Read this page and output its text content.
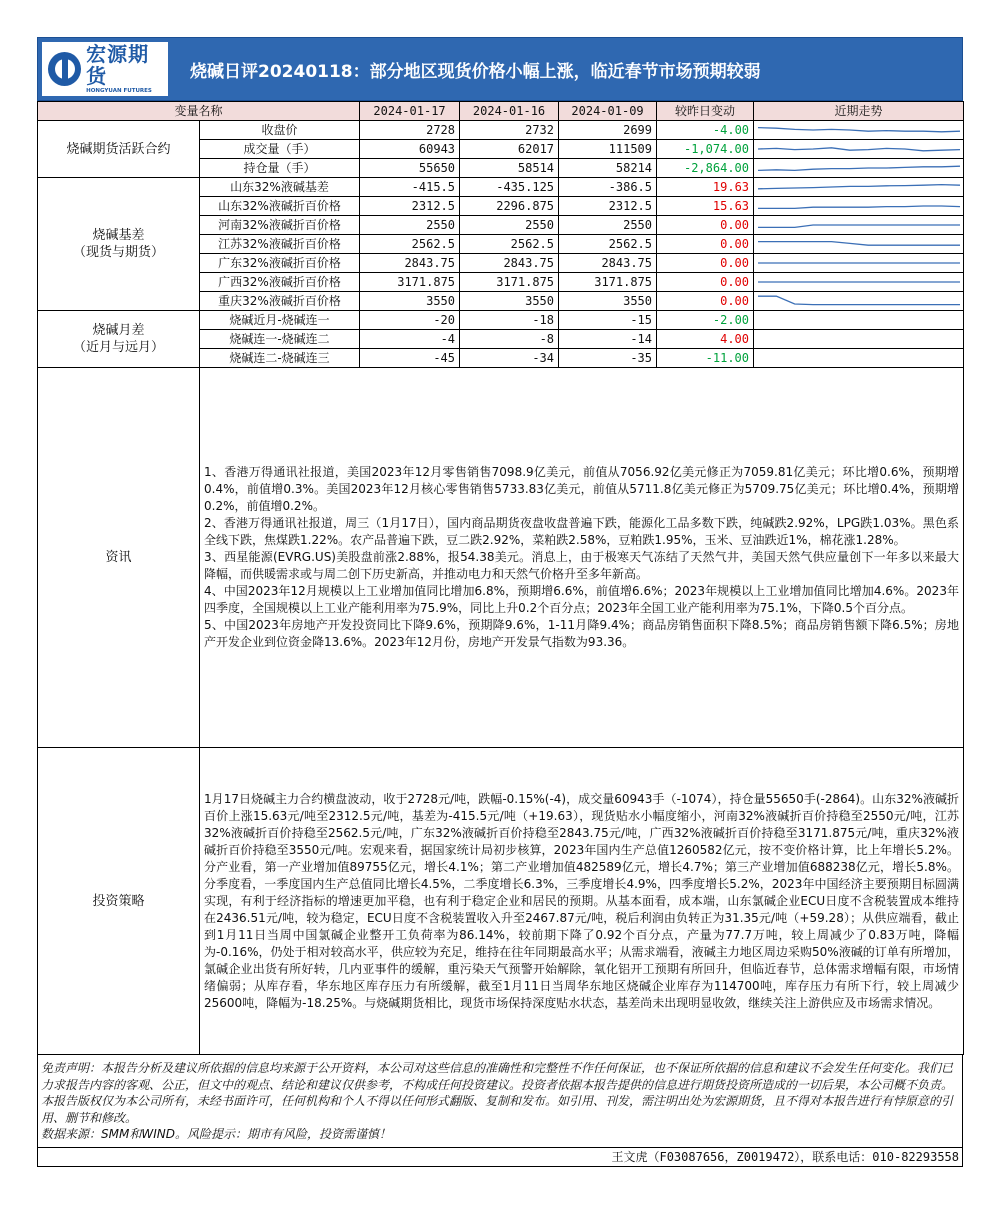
宏源期货
HONGYUAN FUTURES
烧碱日评20240118：部分地区现货价格小幅上涨，临近春节市场预期较弱
变量名称		2024-01-17	2024-01-16	2024-01-09	较昨日变动	近期走势

烧碱期货活跃合约	收盘价	2728	2732	2699	-4.00	

	成交量（手）	60943	62017	111509	-1,074.00	

	持仓量（手）	55650	58514	58214	-2,864.00	

烧碱基差
（现货与期货）	山东32%液碱基差	-415.5	-435.125	-386.5	19.63	

	山东32%液碱折百价格	2312.5	2296.875	2312.5	15.63	

	河南32%液碱折百价格	2550	2550	2550	0.00	

	江苏32%液碱折百价格	2562.5	2562.5	2562.5	0.00	

	广东32%液碱折百价格	2843.75	2843.75	2843.75	0.00	

	广西32%液碱折百价格	3171.875	3171.875	3171.875	0.00	

	重庆32%液碱折百价格	3550	3550	3550	0.00	

烧碱月差
（近月与远月）	烧碱近月-烧碱连一	-20	-18	-15	-2.00	
	烧碱连一-烧碱连二	-4	-8	-14	4.00	
	烧碱连二-烧碱连三	-45	-34	-35	-11.00	
资讯	1、香港万得通讯社报道，美国2023年12月零售销售7098.9亿美元，前值从7056.92亿美元修正为7059.81亿美元；环比增0.6%，预期增0.4%，前值增0.3%。美国2023年12月核心零售销售5733.83亿美元，前值从5711.8亿美元修正为5709.75亿美元；环比增0.4%，预期增0.2%，前值增0.2%。

2、香港万得通讯社报道，周三（1月17日），国内商品期货夜盘收盘普遍下跌，能源化工品多数下跌，纯碱跌2.92%，LPG跌1.03%。黑色系全线下跌，焦煤跌1.22%。农产品普遍下跌，豆二跌2.92%，菜粕跌2.58%，豆粕跌1.95%，玉米、豆油跌近1%，棉花涨1.28%。

3、西星能源(EVRG.US)美股盘前涨2.88%，报54.38美元。消息上，由于极寒天气冻结了天然气井，美国天然气供应量创下一年多以来最大降幅，而供暖需求或与周二创下历史新高，并推动电力和天然气价格升至多年新高。

4、中国2023年12月规模以上工业增加值同比增加6.8%，预期增6.6%，前值增6.6%；2023年规模以上工业增加值同比增加4.6%。2023年四季度，全国规模以上工业产能利用率为75.9%，同比上升0.2个百分点；2023年全国工业产能利用率为75.1%，下降0.5个百分点。

5、中国2023年房地产开发投资同比下降9.6%，预期降9.6%，1-11月降9.4%；商品房销售面积下降8.5%；商品房销售额下降6.5%；房地产开发企业到位资金降13.6%。2023年12月份，房地产开发景气指数为93.36。					

投资策略	1月17日烧碱主力合约横盘波动，收于2728元/吨，跌幅-0.15%(-4)，成交量60943手（-1074），持仓量55650手(-2864)。山东32%液碱折百价上涨15.63元/吨至2312.5元/吨，基差为-415.5元/吨（+19.63），现货贴水小幅度缩小，河南32%液碱折百价持稳至2550元/吨，江苏32%液碱折百价持稳至2562.5元/吨，广东32%液碱折百价持稳至2843.75元/吨，广西32%液碱折百价持稳至3171.875元/吨，重庆32%液碱折百价持稳至3550元/吨。宏观来看，据国家统计局初步核算，2023年国内生产总值1260582亿元，按不变价格计算，比上年增长5.2%。分产业看，第一产业增加值89755亿元，增长4.1%；第二产业增加值482589亿元，增长4.7%；第三产业增加值688238亿元，增长5.8%。分季度看，一季度国内生产总值同比增长4.5%，二季度增长6.3%，三季度增长4.9%，四季度增长5.2%，2023年中国经济主要预期目标圆满实现，有利于经济指标的增速更加平稳，也有利于稳定企业和居民的预期。从基本面看，成本端，山东氯碱企业ECU日度不含税装置成本维持在2436.51元/吨，较为稳定，ECU日度不含税装置收入升至2467.87元/吨，税后利润由负转正为31.35元/吨（+59.28）；从供应端看，截止到1月11日当周中国氯碱企业整开工负荷率为86.14%，较前期下降了0.92个百分点，产量为77.7万吨，较上周减少了0.83万吨，降幅为-0.16%，仍处于相对较高水平，供应较为充足，维持在往年同期最高水平；从需求端看，液碱主力地区周边采购50%液碱的订单有所增加，氯碱企业出货有所好转，几内亚事件的缓解，重污染天气预警开始解除，氧化铝开工预期有所回升，但临近春节，总体需求增幅有限，市场情绪偏弱；从库存看，华东地区库存压力有所缓解，截至1月11日当周华东地区烧碱企业库存为114700吨，库存压力有所下行，较上周减少25600吨，降幅为-18.25%。与烧碱期货相比，现货市场保持深度贴水状态，基差尚未出现明显收敛，继续关注上游供应及市场需求情况。					
免责声明：本报告分析及建议所依据的信息均来源于公开资料，本公司对这些信息的准确性和完整性不作任何保证，也不保证所依据的信息和建议不会发生任何变化。我们已力求报告内容的客观、公正，但文中的观点、结论和建议仅供参考，不构成任何投资建议。投资者依据本报告提供的信息进行期货投资所造成的一切后果，本公司概不负责。本报告版权仅为本公司所有，未经书面许可，任何机构和个人不得以任何形式翻版、复制和发布。如引用、刊发，需注明出处为宏源期货，且不得对本报告进行有悖原意的引用、删节和修改。
数据来源：SMM和WIND。风险提示：期市有风险，投资需谨慎！
王文虎（F03087656，Z0019472），联系电话：010-82293558
